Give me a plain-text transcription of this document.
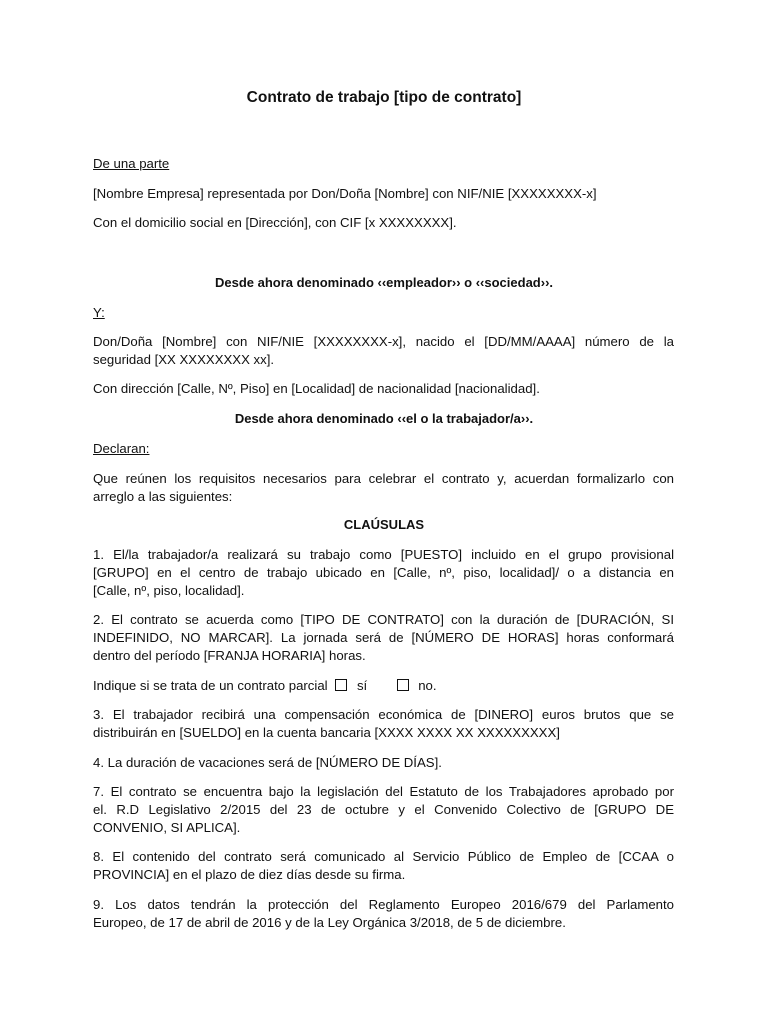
Contrato de trabajo [tipo de contrato]
De una parte
[Nombre Empresa] representada por Don/Doña [Nombre] con NIF/NIE [XXXXXXXX-x]
Con el domicilio social en [Dirección], con CIF [x XXXXXXXX].
Desde ahora denominado ‹‹empleador›› o ‹‹sociedad››.
Y:
Don/Doña [Nombre] con NIF/NIE [XXXXXXXX-x], nacido el [DD/MM/AAAA] número de la
seguridad [XX XXXXXXXX xx].
Con dirección [Calle, Nº, Piso] en [Localidad] de nacionalidad [nacionalidad].
Desde ahora denominado ‹‹el o la trabajador/a››.
Declaran:
Que reúnen los requisitos necesarios para celebrar el contrato y, acuerdan formalizarlo con
arreglo a las siguientes:
CLAÚSULAS
1. El/la trabajador/a realizará su trabajo como [PUESTO] incluido en el grupo provisional
[GRUPO] en el centro de trabajo ubicado en [Calle, nº, piso, localidad]/ o a distancia en
[Calle, nº, piso, localidad].
2. El contrato se acuerda como [TIPO DE CONTRATO] con la duración de [DURACIÓN, SI
INDEFINIDO, NO MARCAR]. La jornada será de [NÚMERO DE HORAS] horas conformará
dentro del período [FRANJA HORARIA] horas.
Indique si se trata de un contrato parcial sí	no.
3. El trabajador recibirá una compensación económica de [DINERO] euros brutos que se
distribuirán en [SUELDO] en la cuenta bancaria [XXXX XXXX XX XXXXXXXXX]
4. La duración de vacaciones será de [NÚMERO DE DÍAS].
7. El contrato se encuentra bajo la legislación del Estatuto de los Trabajadores aprobado por
el. R.D Legislativo 2/2015 del 23 de octubre y el Convenido Colectivo de [GRUPO DE
CONVENIO, SI APLICA].
8. El contenido del contrato será comunicado al Servicio Público de Empleo de [CCAA o
PROVINCIA] en el plazo de diez días desde su firma.
9. Los datos tendrán la protección del Reglamento Europeo 2016/679 del Parlamento
Europeo, de 17 de abril de 2016 y de la Ley Orgánica 3/2018, de 5 de diciembre.
